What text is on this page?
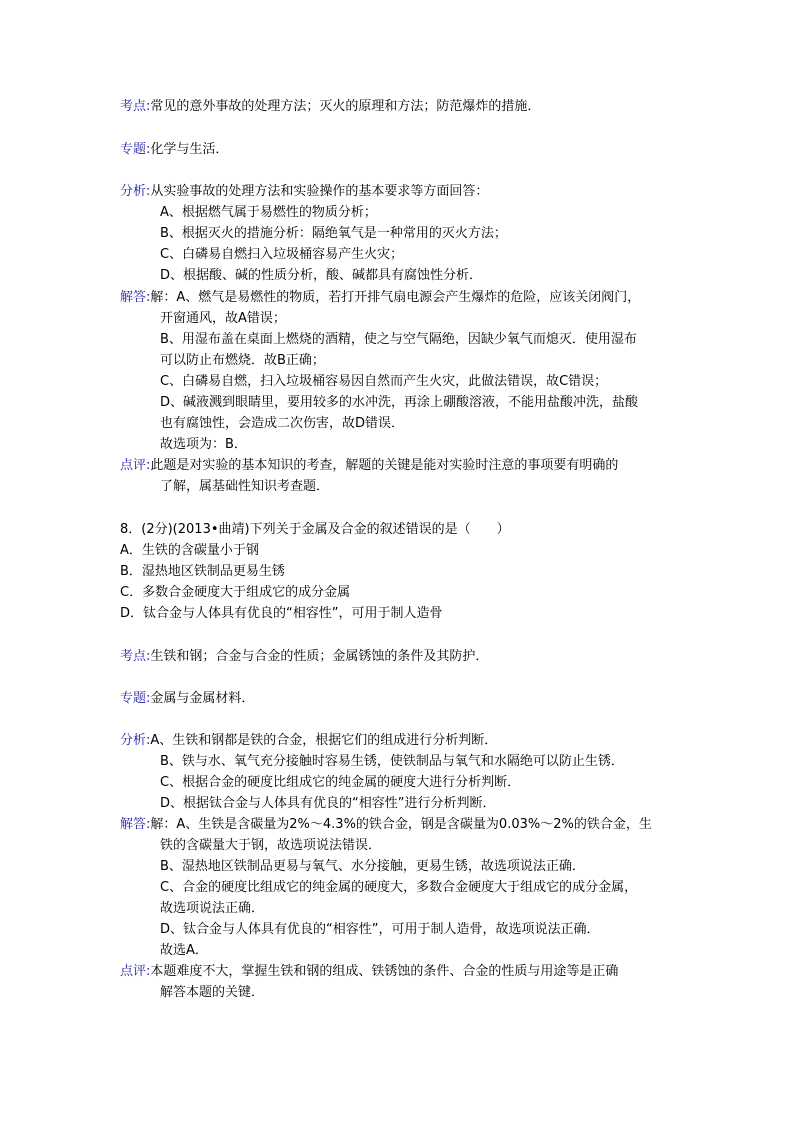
考点:常见的意外事故的处理方法；灭火的原理和方法；防范爆炸的措施．
专题:化学与生活．
分析:从实验事故的处理方法和实验操作的基本要求等方面回答：
A、根据燃气属于易燃性的物质分析；
B、根据灭火的措施分析：隔绝氧气是一种常用的灭火方法；
C、白磷易自燃扫入垃圾桶容易产生火灾；
D、根据酸、碱的性质分析，酸、碱都具有腐蚀性分析．
解答:解：A、燃气是易燃性的物质，若打开排气扇电源会产生爆炸的危险，应该关闭阀门，
开窗通风，故A错误；
B、用湿布盖在桌面上燃烧的酒精，使之与空气隔绝，因缺少氧气而熄灭．使用湿布
可以防止布燃烧．故B正确；
C、白磷易自燃，扫入垃圾桶容易因自然而产生火灾，此做法错误，故C错误；
D、碱液溅到眼睛里，要用较多的水冲洗，再涂上硼酸溶液，不能用盐酸冲洗，盐酸
也有腐蚀性，会造成二次伤害，故D错误．
故选项为：B．
点评:此题是对实验的基本知识的考查，解题的关键是能对实验时注意的事项要有明确的
了解，属基础性知识考查题．
8．(2分)(2013•曲靖)下列关于金属及合金的叙述错误的是（　　）
A．生铁的含碳量小于钢
B．湿热地区铁制品更易生锈
C．多数合金硬度大于组成它的成分金属
D．钛合金与人体具有优良的“相容性”，可用于制人造骨
考点:生铁和钢；合金与合金的性质；金属锈蚀的条件及其防护．
专题:金属与金属材料．
分析:A、生铁和钢都是铁的合金，根据它们的组成进行分析判断．
B、铁与水、氧气充分接触时容易生锈，使铁制品与氧气和水隔绝可以防止生锈．
C、根据合金的硬度比组成它的纯金属的硬度大进行分析判断．
D、根据钛合金与人体具有优良的“相容性”进行分析判断．
解答:解：A、生铁是含碳量为2%～4.3%的铁合金，钢是含碳量为0.03%～2%的铁合金，生
铁的含碳量大于钢，故选项说法错误．
B、湿热地区铁制品更易与氧气、水分接触，更易生锈，故选项说法正确．
C、合金的硬度比组成它的纯金属的硬度大，多数合金硬度大于组成它的成分金属，
故选项说法正确．
D、钛合金与人体具有优良的“相容性”，可用于制人造骨，故选项说法正确．
故选A．
点评:本题难度不大，掌握生铁和钢的组成、铁锈蚀的条件、合金的性质与用途等是正确
解答本题的关键．
